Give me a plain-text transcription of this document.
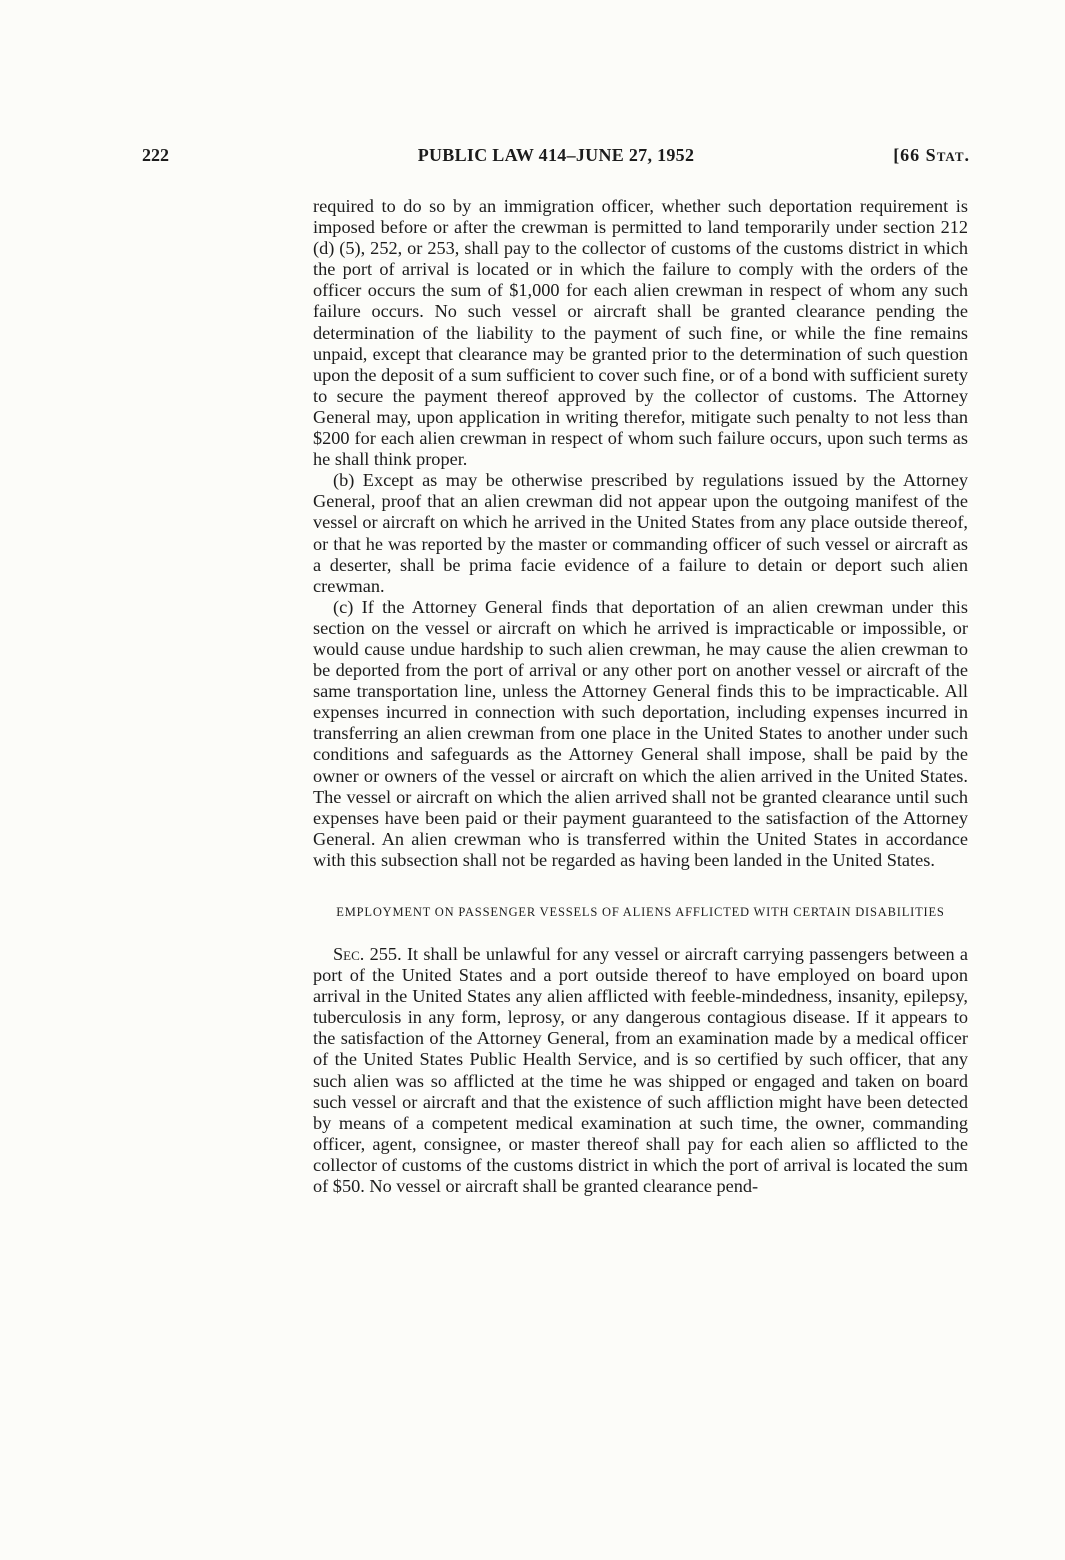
222	PUBLIC LAW 414–JUNE 27, 1952	[66 Stat.

required to do so by an immigration officer, whether such deportation requirement is imposed before or after the crewman is permitted to land temporarily under section 212 (d) (5), 252, or 253, shall pay to the collector of customs of the customs district in which the port of arrival is located or in which the failure to comply with the orders of the officer occurs the sum of $1,000 for each alien crewman in respect of whom any such failure occurs. No such vessel or aircraft shall be granted clearance pending the determination of the liability to the payment of such fine, or while the fine remains unpaid, except that clearance may be granted prior to the determination of such question upon the deposit of a sum sufficient to cover such fine, or of a bond with sufficient surety to secure the payment thereof approved by the collector of customs. The Attorney General may, upon application in writing therefor, mitigate such penalty to not less than $200 for each alien crewman in respect of whom such failure occurs, upon such terms as he shall think proper.

(b) Except as may be otherwise prescribed by regulations issued by the Attorney General, proof that an alien crewman did not appear upon the outgoing manifest of the vessel or aircraft on which he arrived in the United States from any place outside thereof, or that he was reported by the master or commanding officer of such vessel or aircraft as a deserter, shall be prima facie evidence of a failure to detain or deport such alien crewman.

(c) If the Attorney General finds that deportation of an alien crewman under this section on the vessel or aircraft on which he arrived is impracticable or impossible, or would cause undue hardship to such alien crewman, he may cause the alien crewman to be deported from the port of arrival or any other port on another vessel or aircraft of the same transportation line, unless the Attorney General finds this to be impracticable. All expenses incurred in connection with such deportation, including expenses incurred in transferring an alien crewman from one place in the United States to another under such conditions and safeguards as the Attorney General shall impose, shall be paid by the owner or owners of the vessel or aircraft on which the alien arrived in the United States. The vessel or aircraft on which the alien arrived shall not be granted clearance until such expenses have been paid or their payment guaranteed to the satisfaction of the Attorney General. An alien crewman who is transferred within the United States in accordance with this subsection shall not be regarded as having been landed in the United States.

EMPLOYMENT ON PASSENGER VESSELS OF ALIENS AFFLICTED WITH CERTAIN DISABILITIES

Sec. 255. It shall be unlawful for any vessel or aircraft carrying passengers between a port of the United States and a port outside thereof to have employed on board upon arrival in the United States any alien afflicted with feeble-mindedness, insanity, epilepsy, tuberculosis in any form, leprosy, or any dangerous contagious disease. If it appears to the satisfaction of the Attorney General, from an examination made by a medical officer of the United States Public Health Service, and is so certified by such officer, that any such alien was so afflicted at the time he was shipped or engaged and taken on board such vessel or aircraft and that the existence of such affliction might have been detected by means of a competent medical examination at such time, the owner, commanding officer, agent, consignee, or master thereof shall pay for each alien so afflicted to the collector of customs of the customs district in which the port of arrival is located the sum of $50. No vessel or aircraft shall be granted clearance pend-
